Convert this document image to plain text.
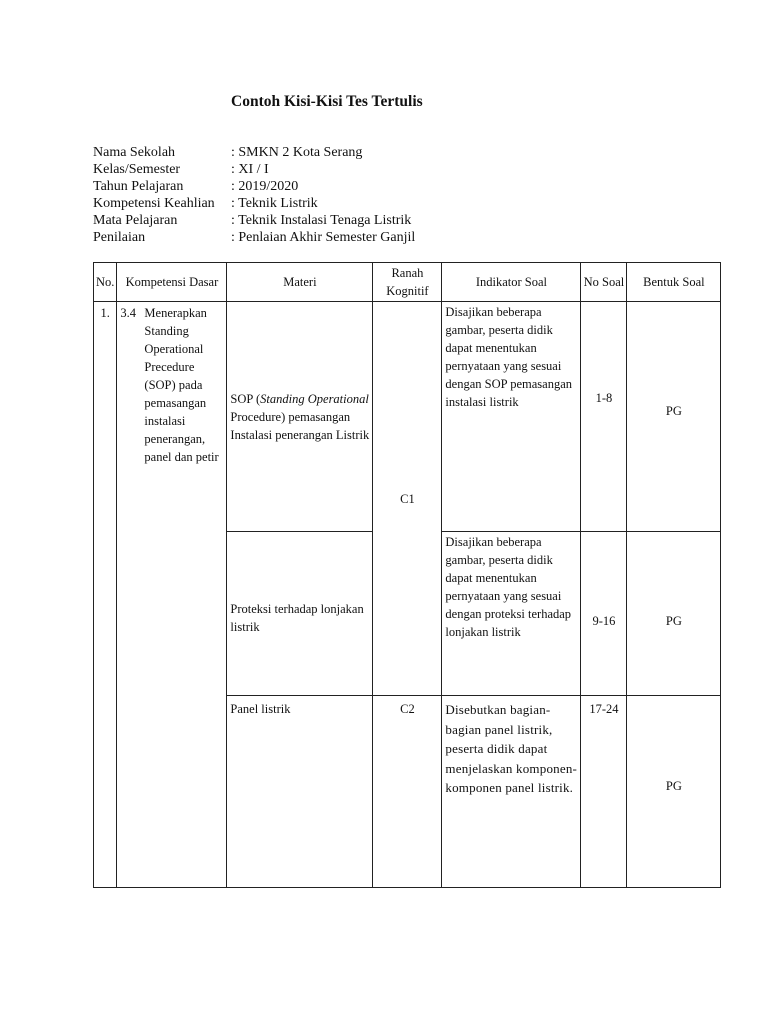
Contoh Kisi-Kisi Tes Tertulis
Nama Sekolah	: SMKN 2 Kota Serang
Kelas/Semester	: XI / I
Tahun Pelajaran	: 2019/2020
Kompetensi Keahlian	: Teknik Listrik
Mata Pelajaran	: Teknik Instalasi Tenaga Listrik
Penilaian	: Penlaian Akhir Semester Ganjil
No.	Kompetensi Dasar	Materi	Ranah Kognitif	Indikator Soal	No Soal	Bentuk Soal
1.	3.4 Menerapkan Standing Operational Precedure (SOP) pada pemasangan instalasi penerangan, panel dan petir	SOP (Standing Operational Procedure) pemasangan Instalasi penerangan Listrik	C1	Disajikan beberapa gambar, peserta didik dapat menentukan pernyataan yang sesuai dengan SOP pemasangan instalasi listrik	1-8	PG
		Proteksi terhadap lonjakan listrik		Disajikan beberapa gambar, peserta didik dapat menentukan pernyataan yang sesuai dengan proteksi terhadap lonjakan listrik	9-16	PG
		Panel listrik	C2	Disebutkan bagian-bagian panel listrik, peserta didik dapat menjelaskan komponen-komponen panel listrik.	17-24	PG
